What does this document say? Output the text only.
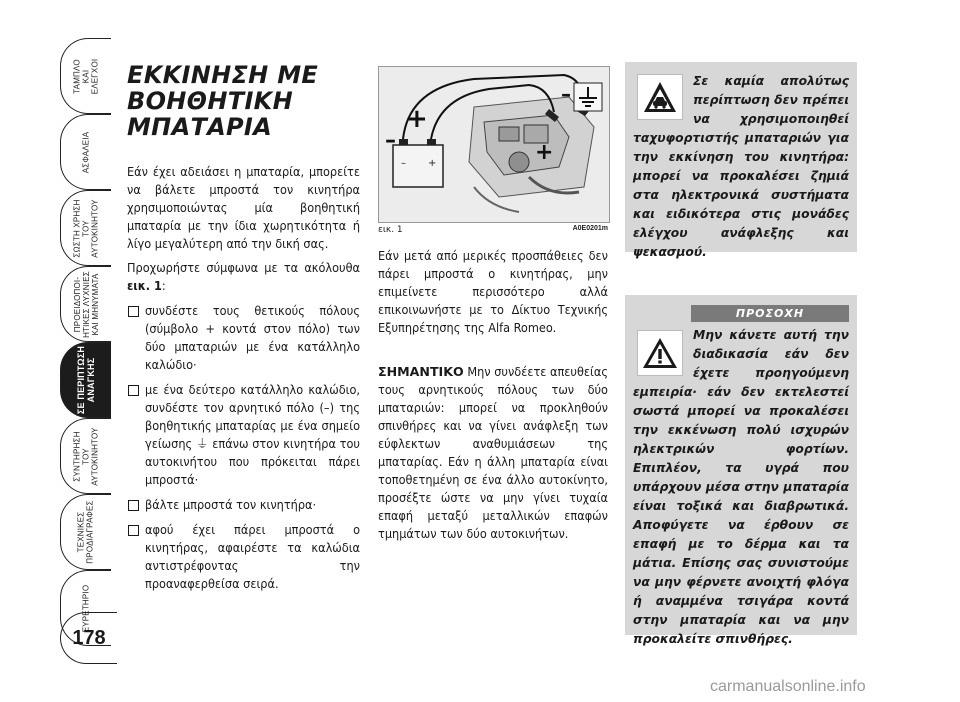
ΤΑΜΠΛΟ
ΚΑΙ
ΕΛΕΓΧΟΙ
ΑΣΦΑΛΕΙΑ
ΣΩΣΤΗ ΧΡΗΣΗ
ΤΟΥ
ΑΥΤΟΚΙΝΗΤΟΥ
ΠΡΟΕΙΔΟΠΟΙ-
ΗΤΙΚΕΣ ΛΥΧΝΙΕΣ
ΚΑΙ ΜΗΝΥΜΑΤΑ
ΣΕ ΠΕΡΙΠΤΩΣΗ
ΑΝΑΓΚΗΣ
ΣΥΝΤΗΡΗΣΗ
ΤΟΥ
ΑΥΤΟΚΙΝΗΤΟΥ
ΤΕΧΝΙΚΕΣ
ΠΡΟΔΙΑΓΡΑΦΕΣ
ΕΥΡΕΤΗΡΙΟ
178
ΕΚΚΙΝΗΣΗ ΜΕ
ΒΟΗΘΗΤΙΚΗ
ΜΠΑΤΑΡΙΑ

Εάν έχει αδειάσει η μπαταρία, μπορείτε να βάλετε μπροστά τον κινητήρα χρησιμοποιώντας μία βοηθητική μπαταρία με την ίδια χωρητικότητα ή λίγο μεγαλύτερη από την δική σας.

Προχωρήστε σύμφωνα με τα ακόλουθα εικ. 1:

συνδέστε τους θετικούς πόλους (σύμβολο + κοντά στον πόλο) των δύο μπαταριών με ένα κατάλληλο καλώδιο·
με ένα δεύτερο κατάλληλο καλώδιο, συνδέστε τον αρνητικό πόλο (–) της βοηθητικής μπαταρίας με ένα σημείο γείωσης ⏚ επάνω στον κινητήρα του αυτοκινήτου που πρόκειται πάρει μπροστά·
βάλτε μπροστά τον κινητήρα·
αφού έχει πάρει μπροστά ο κινητήρας, αφαιρέστε τα καλώδια αντιστρέφοντας την προαναφερθείσα σειρά.
– +
–
+
–	+
εικ. 1	A0E0201m

Εάν μετά από μερικές προσπάθειες δεν πάρει μπροστά ο κινητήρας, μην επιμείνετε περισσότερο αλλά επικοινωνήστε με το Δίκτυο Τεχνικής Εξυπηρέτησης της Alfa Romeo.

ΣΗΜΑΝΤΙΚΟ Μην συνδέετε απευθείας τους αρνητικούς πόλους των δύο μπαταριών: μπορεί να προκληθούν σπινθήρες και να γίνει ανάφλεξη των εύφλεκτων αναθυμιάσεων της μπαταρίας. Εάν η άλλη μπαταρία είναι τοποθετημένη σε ένα άλλο αυτοκίνητο, προσέξτε ώστε να μην γίνει τυχαία επαφή μεταξύ μεταλλικών επαφών τμημάτων των δύο αυτοκινήτων.

Σε καμία απολύτως περίπτωση δεν πρέπει να χρησιμοποιηθεί ταχυφορτιστής μπαταριών για την εκκίνηση του κινητήρα: μπορεί να προκαλέσει ζημιά στα ηλεκτρονικά συστήματα και ειδικότερα στις μονάδες ελέγχου ανάφλεξης και ψεκασμού.

ΠΡΟΣΟΧΗ

Μην κάνετε αυτή την διαδικασία εάν δεν έχετε προηγούμενη εμπειρία· εάν δεν εκτελεστεί σωστά μπορεί να προκαλέσει την εκκένωση πολύ ισχυρών ηλεκτρικών φορτίων. Επιπλέον, τα υγρά που υπάρχουν μέσα στην μπαταρία είναι τοξικά και διαβρωτικά. Αποφύγετε να έρθουν σε επαφή με το δέρμα και τα μάτια. Επίσης σας συνιστούμε να μην φέρνετε ανοιχτή φλόγα ή αναμμένα τσιγάρα κοντά στην μπαταρία και να μην προκαλείτε σπινθήρες.

carmanualsonline.info
